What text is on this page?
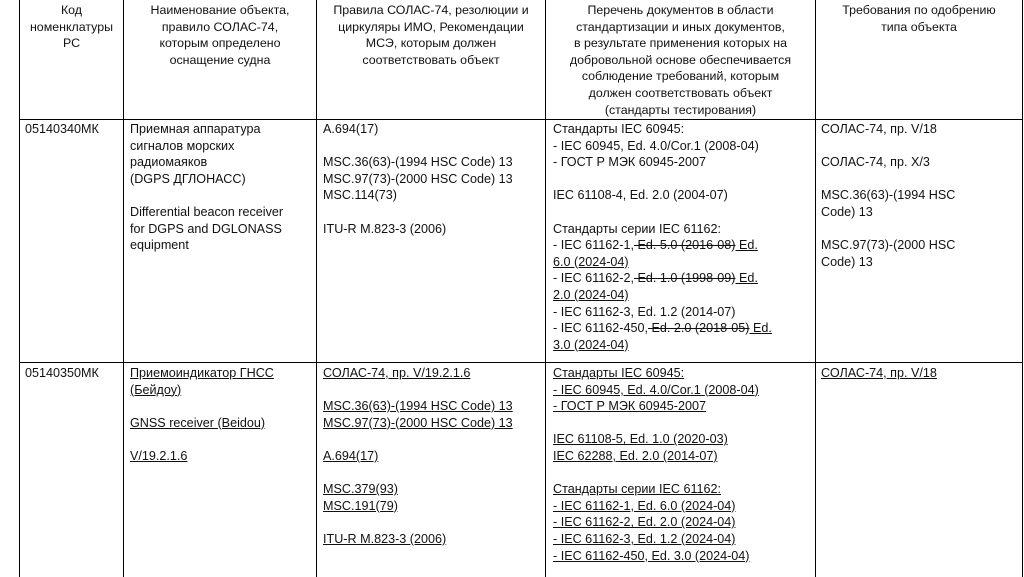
Код
номенклатуры
РС
Наименование объекта,
правило СОЛАС-74,
которым определено
оснащение судна
Правила СОЛАС-74, резолюции и
циркуляры ИМО, Рекомендации
МСЭ, которым должен
соответствовать объект
Перечень документов в области
стандартизации и иных документов,
в результате применения которых на
добровольной основе обеспечивается
соблюдение требований, которым
должен соответствовать объект
(стандарты тестирования)
Требования по одобрению
типа объекта
05140340МК Приемная аппаратура
сигналов морских
радиомаяков
(DGPS ДГЛОНАСС)
Differential beacon receiver
for DGPS and DGLONASS
equipment
A.694(17)
MSC.36(63)-(1994 HSC Code) 13
MSC.97(73)-(2000 HSC Code) 13
MSC.114(73)
ITU-R M.823-3 (2006)
Стандарты IEC 60945:
- IEC 60945, Ed. 4.0/Cor.1 (2008-04)
- ГОСТ Р МЭК 60945-2007
IEC 61108-4, Ed. 2.0 (2004-07)
Стандарты серии IEC 61162:
- IEC 61162-1, Ed. 5.0 (2016-08) Ed.
6.0 (2024-04)
- IEC 61162-2, Ed. 1.0 (1998-09) Ed.
2.0 (2024-04)
- IEC 61162-3, Ed. 1.2 (2014-07)
- IEC 61162-450, Ed. 2.0 (2018-05) Ed.
3.0 (2024-04)
СОЛАС-74, пр. V/18
СОЛАС-74, пр. X/3
MSC.36(63)-(1994 HSC
Code) 13
MSC.97(73)-(2000 HSC
Code) 13
05140350МК Приемоиндикатор ГНСС
(Бейдоу)
GNSS receiver (Beidou)
V/19.2.1.6
СОЛАС-74, пр. V/19.2.1.6
MSC.36(63)-(1994 HSC Code) 13
MSC.97(73)-(2000 HSC Code) 13
A.694(17)
MSC.379(93)
MSC.191(79)
ITU-R M.823-3 (2006)
Стандарты IEC 60945:
- IEC 60945, Ed. 4.0/Cor.1 (2008-04)
- ГОСТ Р МЭК 60945-2007
IEC 61108-5, Ed. 1.0 (2020-03)
IEC 62288, Ed. 2.0 (2014-07)
Стандарты серии IEC 61162:
- IEC 61162-1, Ed. 6.0 (2024-04)
- IEC 61162-2, Ed. 2.0 (2024-04)
- IEC 61162-3, Ed. 1.2 (2024-04)
- IEC 61162-450, Ed. 3.0 (2024-04)
СОЛАС-74, пр. V/18
